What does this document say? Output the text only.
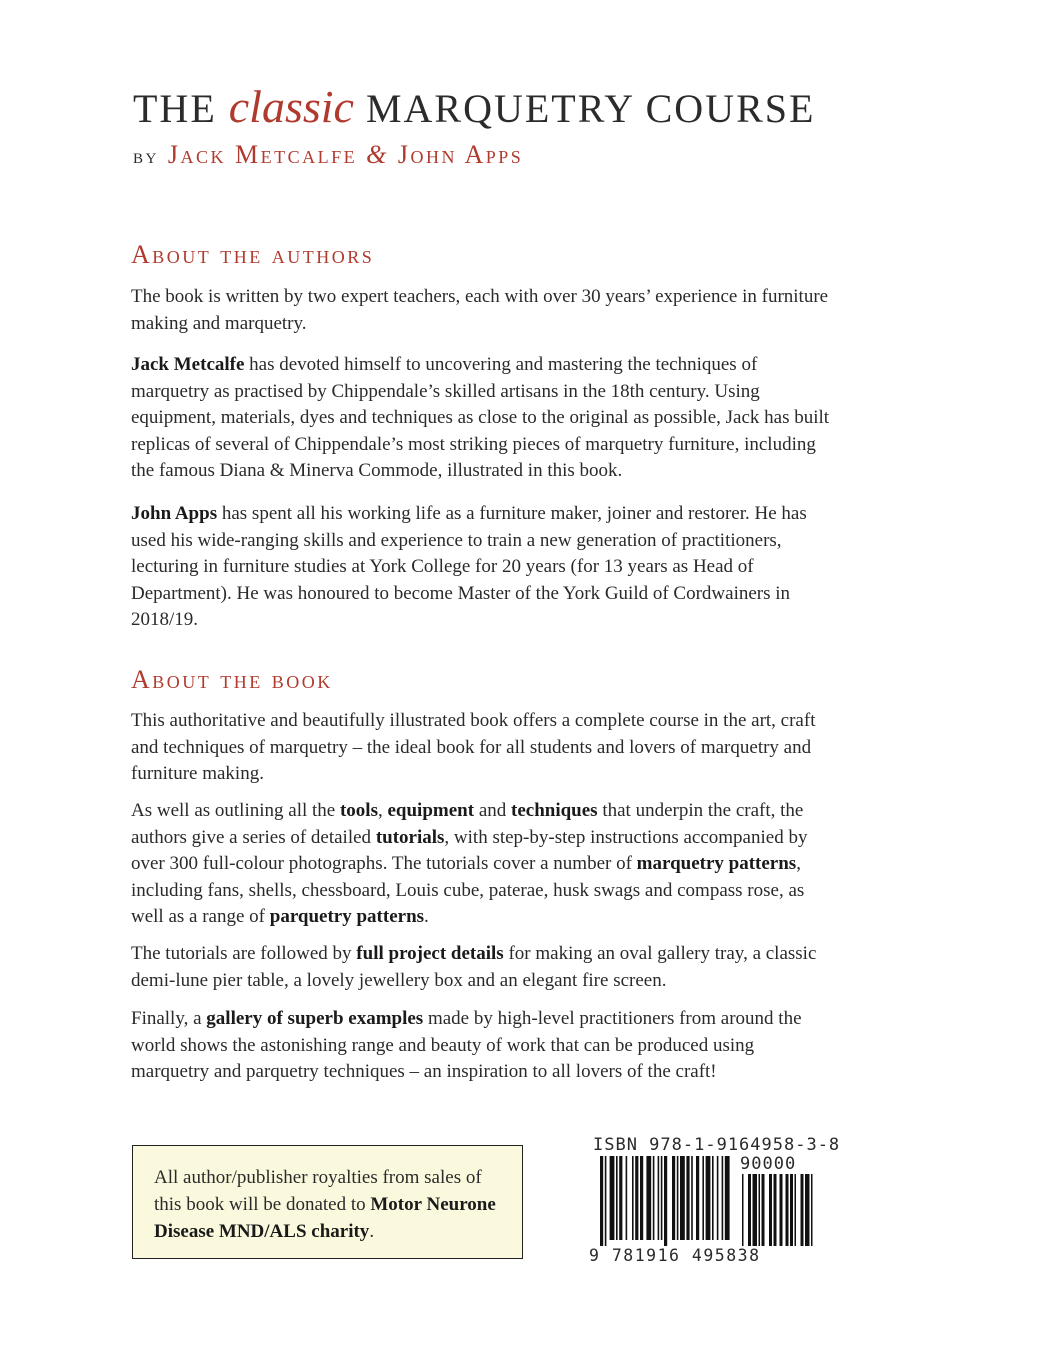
THE classic MARQUETRY COURSE
by Jack Metcalfe & John Apps
About the authors

The book is written by two expert teachers, each with over 30 years’ experience in furniture making and marquetry.

Jack Metcalfe has devoted himself to uncovering and mastering the techniques of marquetry as practised by Chippendale’s skilled artisans in the 18th century. Using equipment, materials, dyes and techniques as close to the original as possible, Jack has built replicas of several of Chippendale’s most striking pieces of marquetry furniture, including the famous Diana & Minerva Commode, illustrated in this book.

John Apps has spent all his working life as a furniture maker, joiner and restorer. He has used his wide-ranging skills and experience to train a new generation of practitioners, lecturing in furniture studies at York College for 20 years (for 13 years as Head of Department). He was honoured to become Master of the York Guild of Cordwainers in 2018/19.

About the book

This authoritative and beautifully illustrated book offers a complete course in the art, craft and techniques of marquetry – the ideal book for all students and lovers of marquetry and furniture making.

As well as outlining all the tools, equipment and techniques that underpin the craft, the authors give a series of detailed tutorials, with step-by-step instructions accompanied by over 300 full-colour photographs. The tutorials cover a number of marquetry patterns, including fans, shells, chessboard, Louis cube, paterae, husk swags and compass rose, as well as a range of parquetry patterns.

The tutorials are followed by full project details for making an oval gallery tray, a classic demi-lune pier table, a lovely jewellery box and an elegant fire screen.

Finally, a gallery of superb examples made by high-level practitioners from around the world shows the astonishing range and beauty of work that can be produced using marquetry and parquetry techniques – an inspiration to all lovers of the craft!

All author/publisher royalties from sales of this book will be donated to Motor Neurone Disease MND/ALS charity.
ISBN 978-1-9164958-3-8
90000
9 781916 495838
